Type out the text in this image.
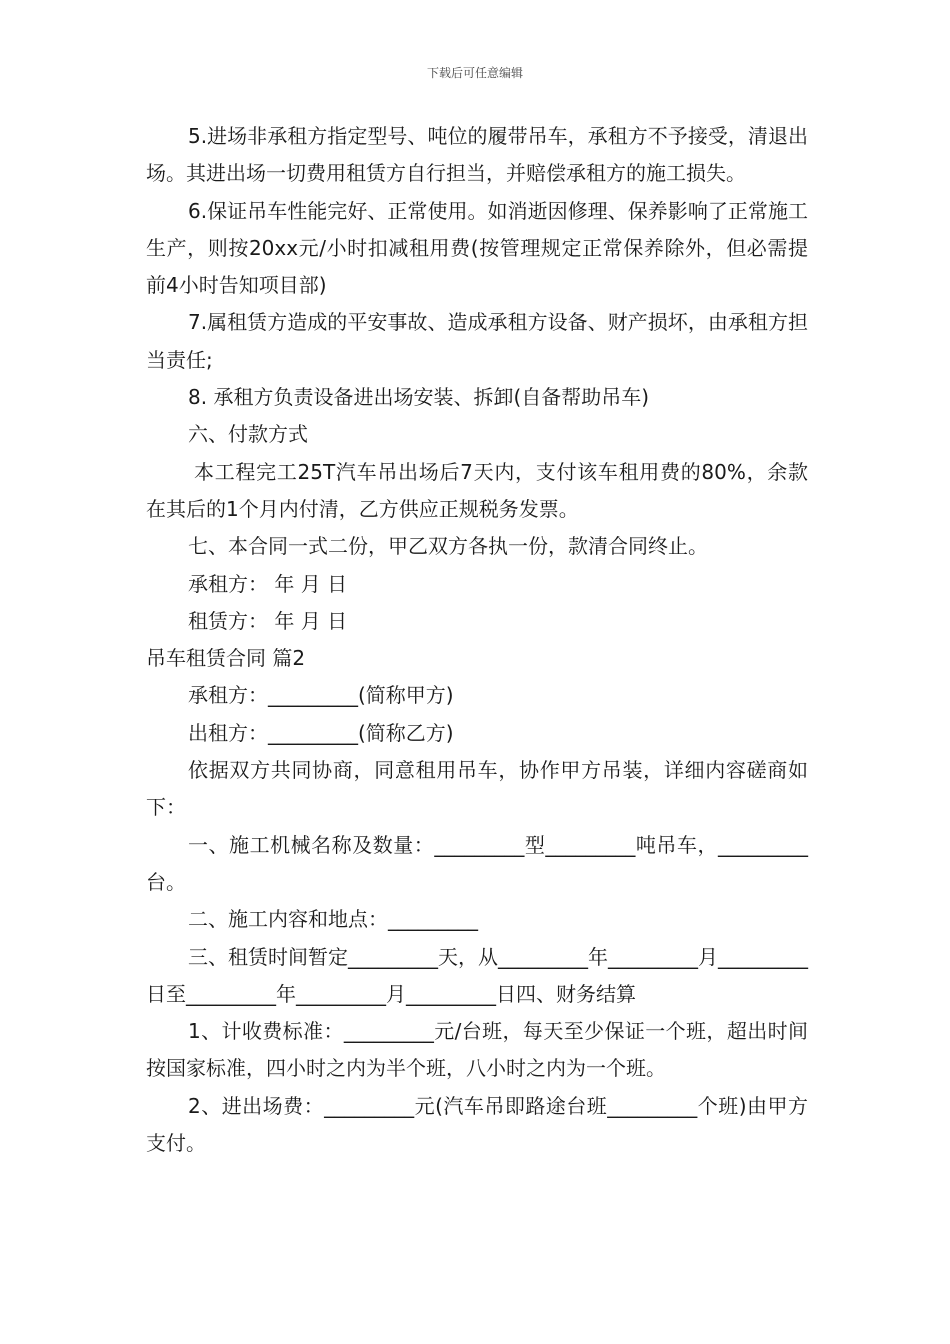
下载后可任意编辑

5.进场非承租方指定型号、吨位的履带吊车，承租方不予接受，清退出场。其进出场一切费用租赁方自行担当，并赔偿承租方的施工损失。

6.保证吊车性能完好、正常使用。如消逝因修理、保养影响了正常施工生产，则按20xx元/小时扣减租用费(按管理规定正常保养除外，但必需提前4小时告知项目部)

7.属租赁方造成的平安事故、造成承租方设备、财产损坏，由承租方担当责任;

8. 承租方负责设备进出场安装、拆卸(自备帮助吊车)

六、付款方式

本工程完工25T汽车吊出场后7天内，支付该车租用费的80%，余款在其后的1个月内付清，乙方供应正规税务发票。

七、本合同一式二份，甲乙双方各执一份，款清合同终止。

承租方： 年 月 日

租赁方： 年 月 日

吊车租赁合同 篇2

承租方：_________(简称甲方)

出租方：_________(简称乙方)

依据双方共同协商，同意租用吊车，协作甲方吊装，详细内容磋商如下：

一、施工机械名称及数量：_________型_________吨吊车，_________台。

二、施工内容和地点：_________

三、租赁时间暂定_________天，从_________年_________月_________日至_________年_________月_________日四、财务结算

1、计收费标准：_________元/台班，每天至少保证一个班，超出时间按国家标准，四小时之内为半个班，八小时之内为一个班。

2、进出场费：_________元(汽车吊即路途台班_________个班)由甲方支付。
